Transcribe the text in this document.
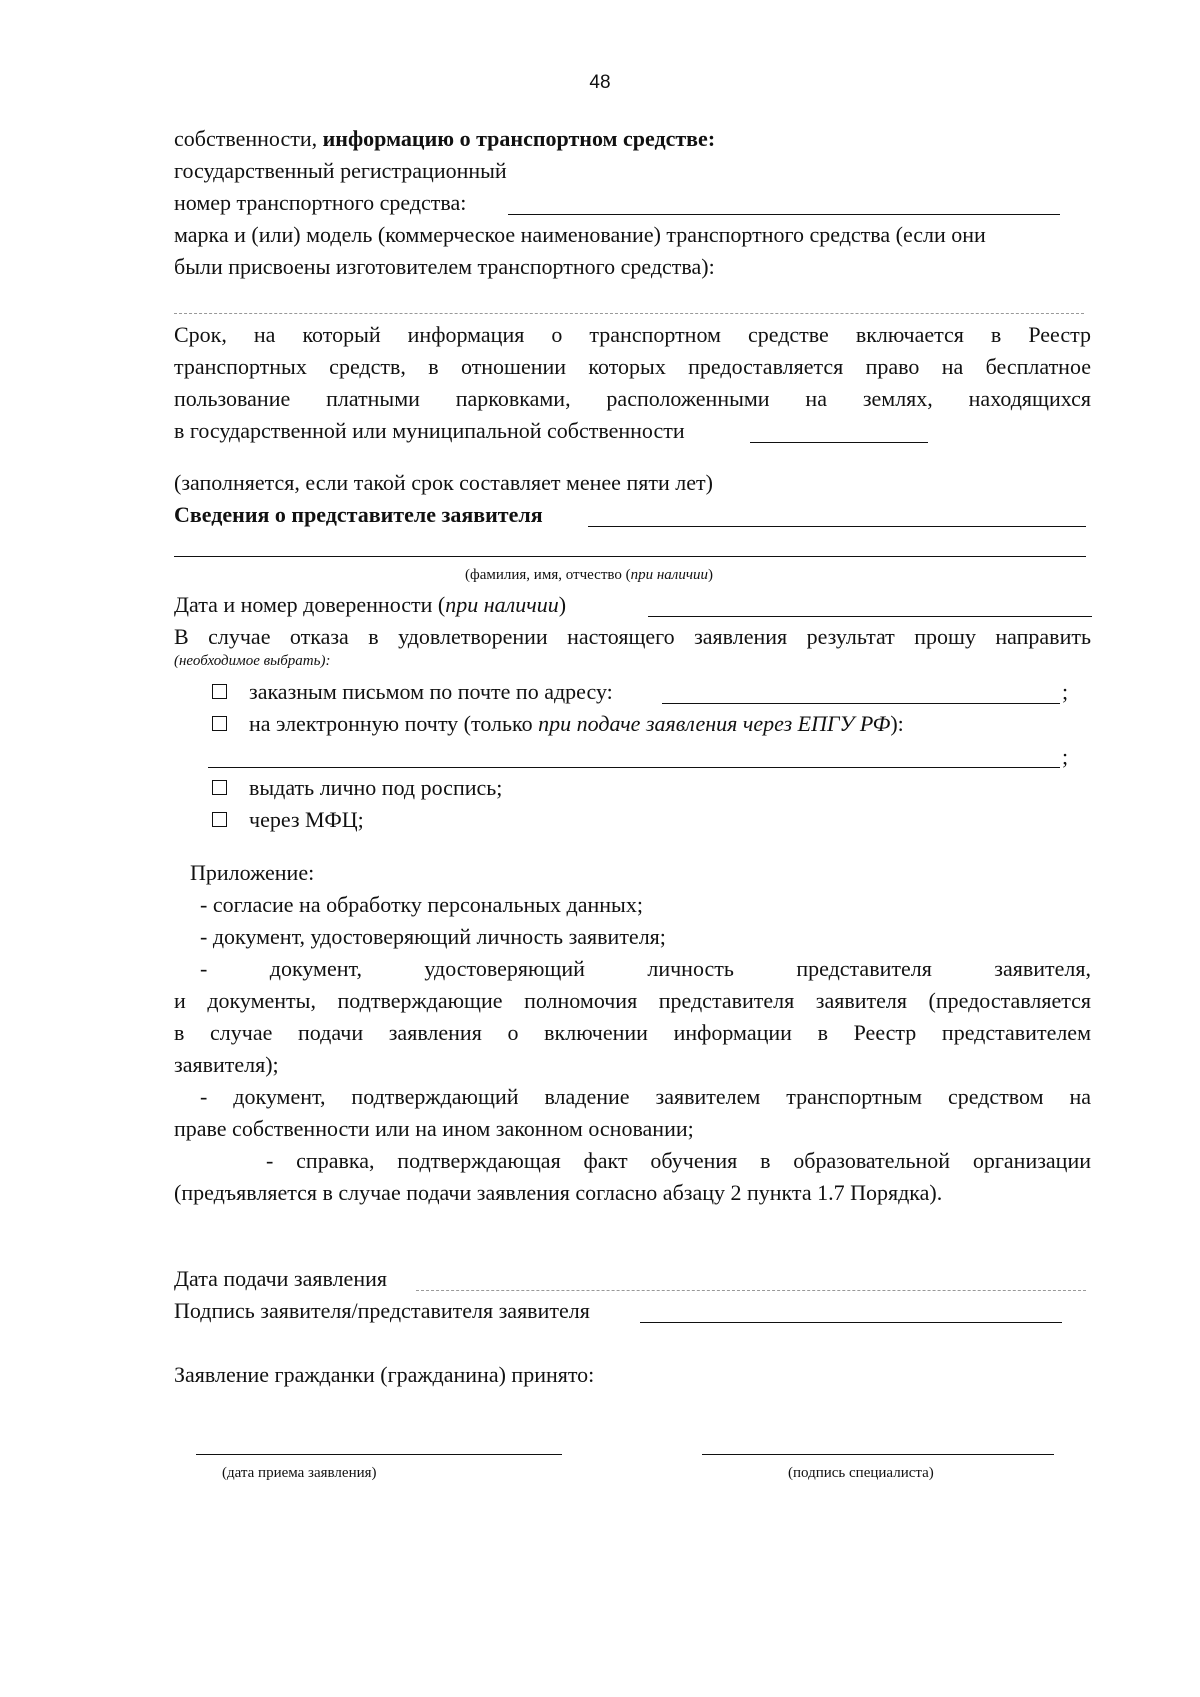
48
собственности, информацию о транспортном средстве:
государственный регистрационный
номер транспортного средства:
марка и (или) модель (коммерческое наименование) транспортного средства (если они
были присвоены изготовителем транспортного средства):
Срок, на который информация о транспортном средстве включается в Реестр
транспортных средств, в отношении которых предоставляется право на бесплатное
пользование платными парковками, расположенными на землях, находящихся
в государственной или муниципальной собственности
(заполняется, если такой срок составляет менее пяти лет)
Сведения о представителе заявителя
(фамилия, имя, отчество (при наличии)
Дата и номер доверенности (при наличии)
В случае отказа в удовлетворении настоящего заявления результат прошу направить
(необходимое выбрать):
заказным письмом по почте по адресу:	;
на электронную почту (только при подаче заявления через ЕПГУ РФ):
;
выдать лично под роспись;
через МФЦ;
Приложение:
- согласие на обработку персональных данных;
- документ, удостоверяющий личность заявителя;
- документ, удостоверяющий личность представителя заявителя,
и документы, подтверждающие полномочия представителя заявителя (предоставляется
в случае подачи заявления о включении информации в Реестр представителем
заявителя);
- документ, подтверждающий владение заявителем транспортным средством на
праве собственности или на ином законном основании;
- справка, подтверждающая факт обучения в образовательной организации
(предъявляется в случае подачи заявления согласно абзацу 2 пункта 1.7 Порядка).
Дата подачи заявления
Подпись заявителя/представителя заявителя
Заявление гражданки (гражданина) принято:
(дата приема заявления)	(подпись специалиста)
